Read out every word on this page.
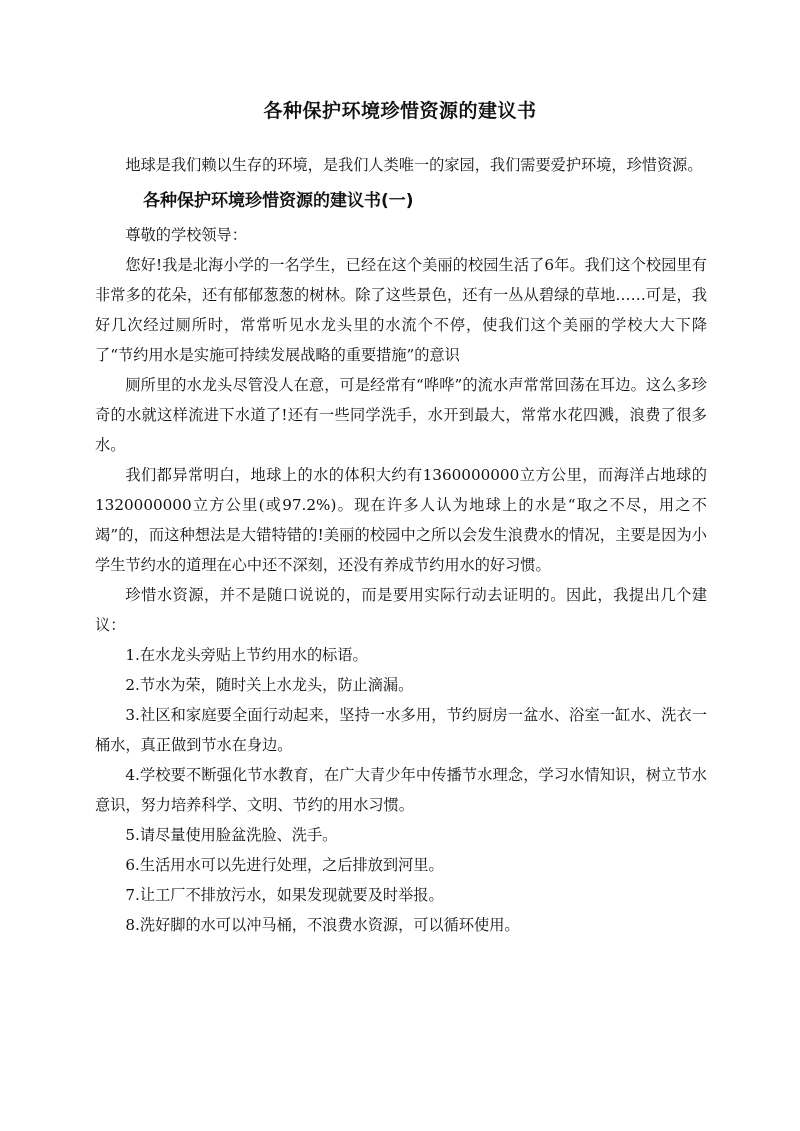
各种保护环境珍惜资源的建议书

地球是我们赖以生存的环境，是我们人类唯一的家园，我们需要爱护环境，珍惜资源。

各种保护环境珍惜资源的建议书(一)

尊敬的学校领导：

您好!我是北海小学的一名学生，已经在这个美丽的校园生活了6年。我们这个校园里有非常多的花朵，还有郁郁葱葱的树林。除了这些景色，还有一丛从碧绿的草地……可是，我好几次经过厕所时，常常听见水龙头里的水流个不停，使我们这个美丽的学校大大下降了“节约用水是实施可持续发展战略的重要措施”的意识

厕所里的水龙头尽管没人在意，可是经常有“哗哗”的流水声常常回荡在耳边。这么多珍奇的水就这样流进下水道了!还有一些同学洗手，水开到最大，常常水花四溅，浪费了很多水。

我们都异常明白，地球上的水的体积大约有1360000000立方公里，而海洋占地球的1320000000立方公里(或97.2%)。现在许多人认为地球上的水是“取之不尽，用之不竭”的，而这种想法是大错特错的!美丽的校园中之所以会发生浪费水的情况，主要是因为小学生节约水的道理在心中还不深刻，还没有养成节约用水的好习惯。

珍惜水资源，并不是随口说说的，而是要用实际行动去证明的。因此，我提出几个建议：

1.在水龙头旁贴上节约用水的标语。

2.节水为荣，随时关上水龙头，防止滴漏。

3.社区和家庭要全面行动起来，坚持一水多用，节约厨房一盆水、浴室一缸水、洗衣一桶水，真正做到节水在身边。

4.学校要不断强化节水教育，在广大青少年中传播节水理念，学习水情知识，树立节水意识，努力培养科学、文明、节约的用水习惯。

5.请尽量使用脸盆洗脸、洗手。

6.生活用水可以先进行处理，之后排放到河里。

7.让工厂不排放污水，如果发现就要及时举报。

8.洗好脚的水可以冲马桶，不浪费水资源，可以循环使用。
